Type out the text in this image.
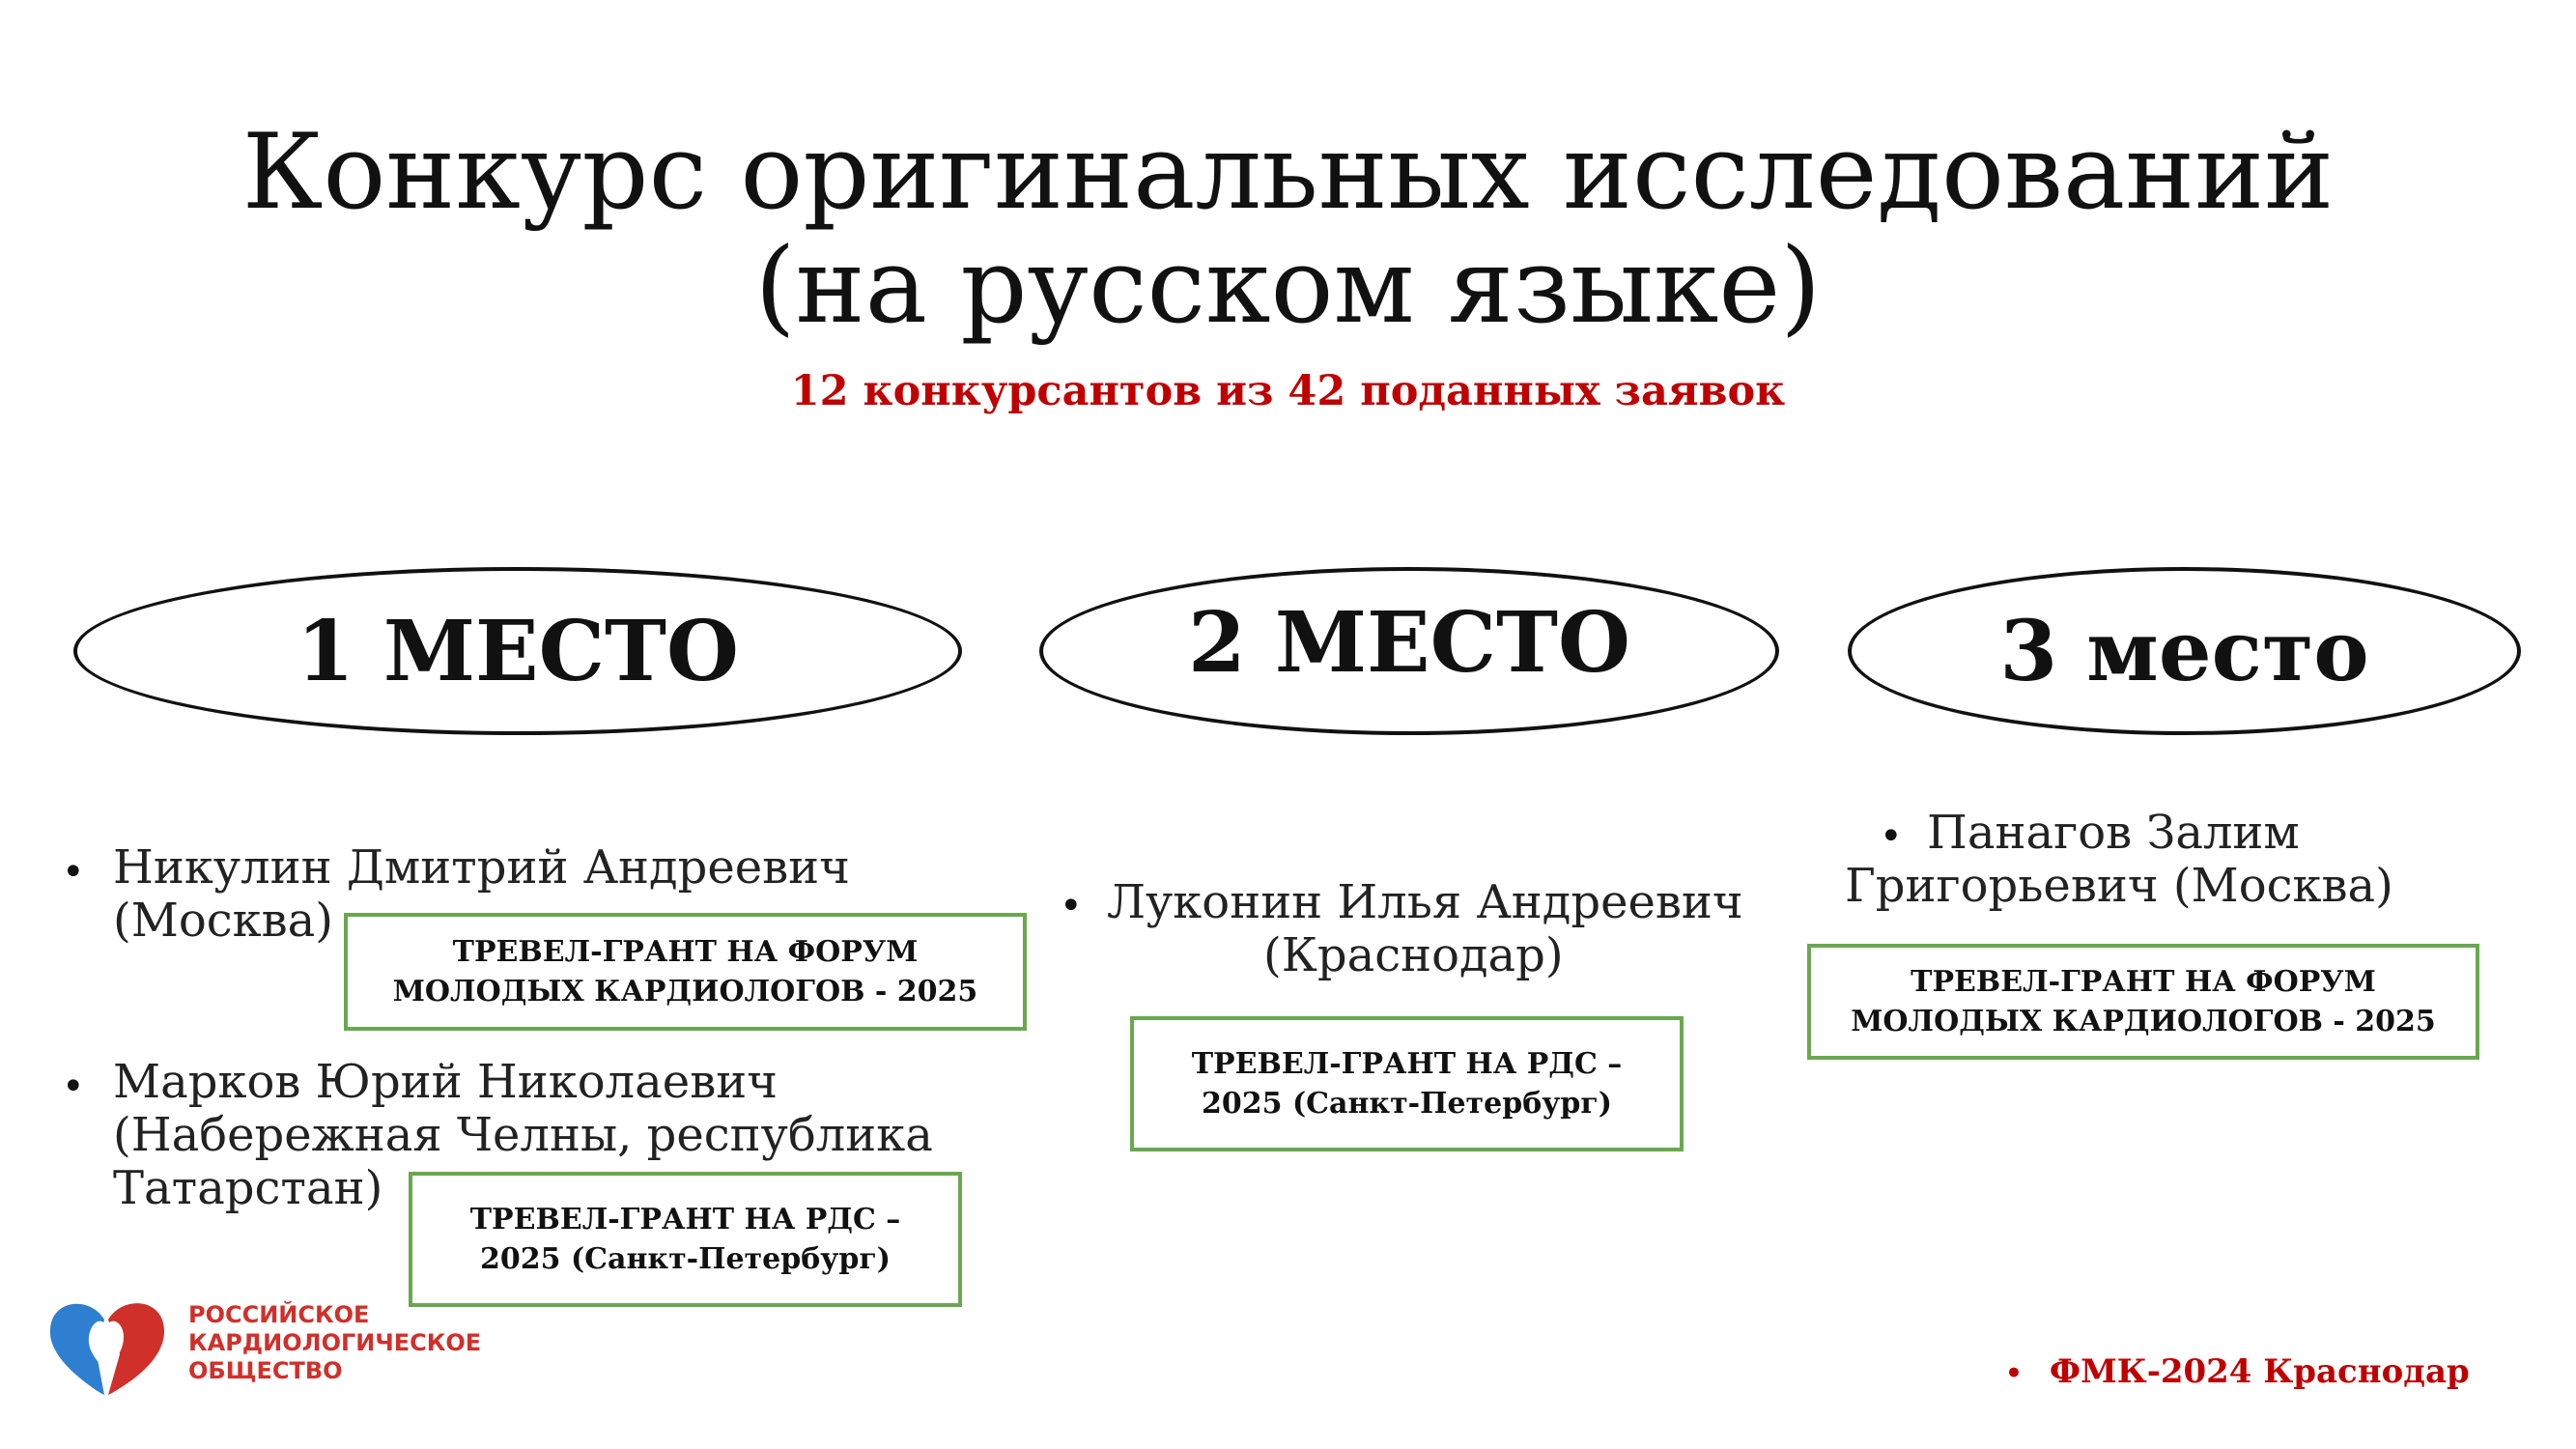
Конкурс оригинальных исследований
(на русском языке)
12 конкурсантов из 42 поданных заявок
1 МЕСТО	2 МЕСТО	3 место
• Никулин Дмитрий Андреевич
(Москва)
ТРЕВЕЛ-ГРАНТ НА ФОРУМ
МОЛОДЫХ КАРДИОЛОГОВ - 2025
• Марков Юрий Николаевич
(Набережная Челны, республика
Татарстан)
ТРЕВЕЛ-ГРАНТ НА РДС –
2025 (Санкт-Петербург)
• Луконин Илья Андреевич
(Краснодар)
ТРЕВЕЛ-ГРАНТ НА РДС –
2025 (Санкт-Петербург)
• Панагов Залим
Григорьевич (Москва)
ТРЕВЕЛ-ГРАНТ НА ФОРУМ
МОЛОДЫХ КАРДИОЛОГОВ - 2025
РОССИЙСКОЕ
КАРДИОЛОГИЧЕСКОЕ
ОБЩЕСТВО	• ФМК-2024 Краснодар
